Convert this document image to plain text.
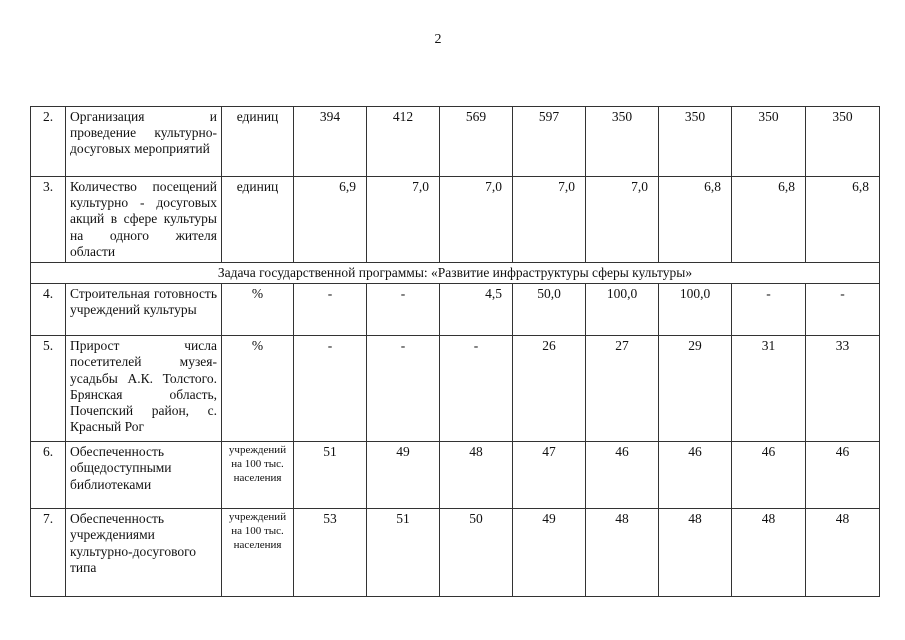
2
2.	Организация и проведение культурно-досуговых мероприятий	единиц	394	412	569	597	350	350	350	350
3.	Количество посещений культурно - досуговых акций в сфере культуры на одного жителя области	единиц	6,9	7,0	7,0	7,0	7,0	6,8	6,8	6,8
Задача государственной программы: «Развитие инфраструктуры сферы культуры»										
4.	Строительная готовность учреждений культуры	%	-	-	4,5	50,0	100,0	100,0	-	-
5.	Прирост числа посетителей музея-усадьбы А.К. Толстого. Брянская область, Почепский район, с. Красный Рог	%	-	-	-	26	27	29	31	33
6.	Обеспеченность общедоступными библиотеками	учреждений на 100 тыс. населения	51	49	48	47	46	46	46	46
7.	Обеспеченность учреждениями культурно-досугового типа	учреждений на 100 тыс. населения	53	51	50	49	48	48	48	48
